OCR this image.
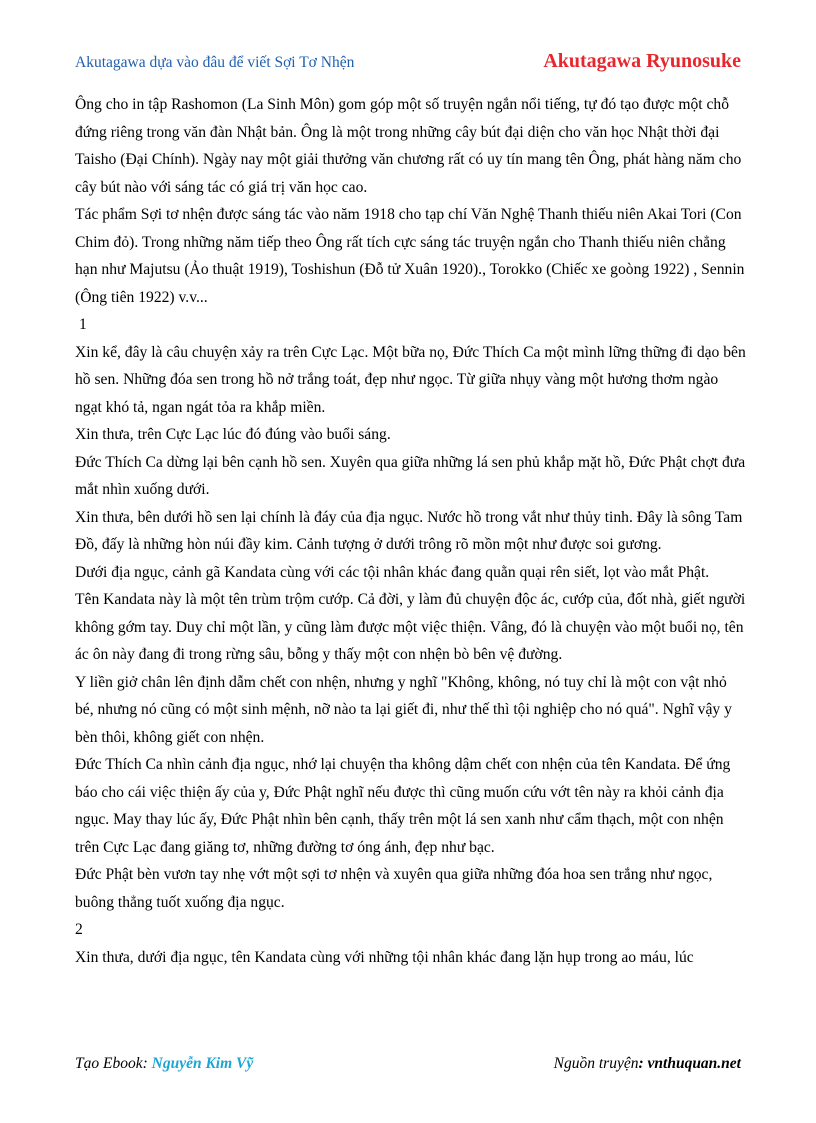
Akutagawa dựa vào đâu để viết Sợi Tơ Nhện	Akutagawa Ryunosuke

Ông cho in tập Rashomon (La Sinh Môn) gom góp một số truyện ngắn nổi tiếng, tự đó tạo được một chỗ đứng riêng trong văn đàn Nhật bản. Ông là một trong những cây bút đại diện cho văn học Nhật thời đại Taisho (Đại Chính). Ngày nay một giải thưởng văn chương rất có uy tín mang tên Ông, phát hàng năm cho cây bút nào với sáng tác có giá trị văn học cao.

Tác phẩm Sợi tơ nhện được sáng tác vào năm 1918 cho tạp chí Văn Nghệ Thanh thiếu niên Akai Tori (Con Chim đỏ). Trong những năm tiếp theo Ông rất tích cực sáng tác truyện ngắn cho Thanh thiếu niên chẳng hạn như Majutsu (Ảo thuật 1919), Toshishun (Đỗ tử Xuân 1920)., Torokko (Chiếc xe goòng 1922) , Sennin (Ông tiên 1922) v.v...

1

Xin kể, đây là câu chuyện xảy ra trên Cực Lạc. Một bữa nọ, Đức Thích Ca một mình lững thững đi dạo bên hồ sen. Những đóa sen trong hồ nở trắng toát, đẹp như ngọc. Từ giữa nhụy vàng một hương thơm ngào ngạt khó tả, ngan ngát tỏa ra khắp miền.

Xin thưa, trên Cực Lạc lúc đó đúng vào buổi sáng.

Đức Thích Ca dừng lại bên cạnh hồ sen. Xuyên qua giữa những lá sen phủ khắp mặt hồ, Đức Phật chợt đưa mắt nhìn xuống dưới.

Xin thưa, bên dưới hồ sen lại chính là đáy của địa ngục. Nước hồ trong vắt như thủy tinh. Đây là sông Tam Đồ, đấy là những hòn núi đầy kim. Cảnh tượng ở dưới trông rõ mồn một như được soi gương.

Dưới địa ngục, cảnh gã Kandata cùng với các tội nhân khác đang quằn quại rên siết, lọt vào mắt Phật.

Tên Kandata này là một tên trùm trộm cướp. Cả đời, y làm đủ chuyện độc ác, cướp của, đốt nhà, giết người không gớm tay. Duy chỉ một lần, y cũng làm được một việc thiện. Vâng, đó là chuyện vào một buổi nọ, tên ác ôn này đang đi trong rừng sâu, bỗng y thấy một con nhện bò bên vệ đường.

Y liền giở chân lên định dẫm chết con nhện, nhưng y nghĩ "Không, không, nó tuy chỉ là một con vật nhỏ bé, nhưng nó cũng có một sinh mệnh, nỡ nào ta lại giết đi, như thế thì tội nghiệp cho nó quá". Nghĩ vậy y bèn thôi, không giết con nhện.

Đức Thích Ca nhìn cảnh địa ngục, nhớ lại chuyện tha không dậm chết con nhện của tên Kandata. Để ứng báo cho cái việc thiện ấy của y, Đức Phật nghĩ nếu được thì cũng muốn cứu vớt tên này ra khỏi cảnh địa ngục. May thay lúc ấy, Đức Phật nhìn bên cạnh, thấy trên một lá sen xanh như cẩm thạch, một con nhện trên Cực Lạc đang giăng tơ, những đường tơ óng ánh, đẹp như bạc.

Đức Phật bèn vươn tay nhẹ vớt một sợi tơ nhện và xuyên qua giữa những đóa hoa sen trắng như ngọc, buông thẳng tuốt xuống địa ngục.

2

Xin thưa, dưới địa ngục, tên Kandata cùng với những tội nhân khác đang lặn hụp trong ao máu, lúc

Tạo Ebook: Nguyễn Kim Vỹ	Nguồn truyện: vnthuquan.net
